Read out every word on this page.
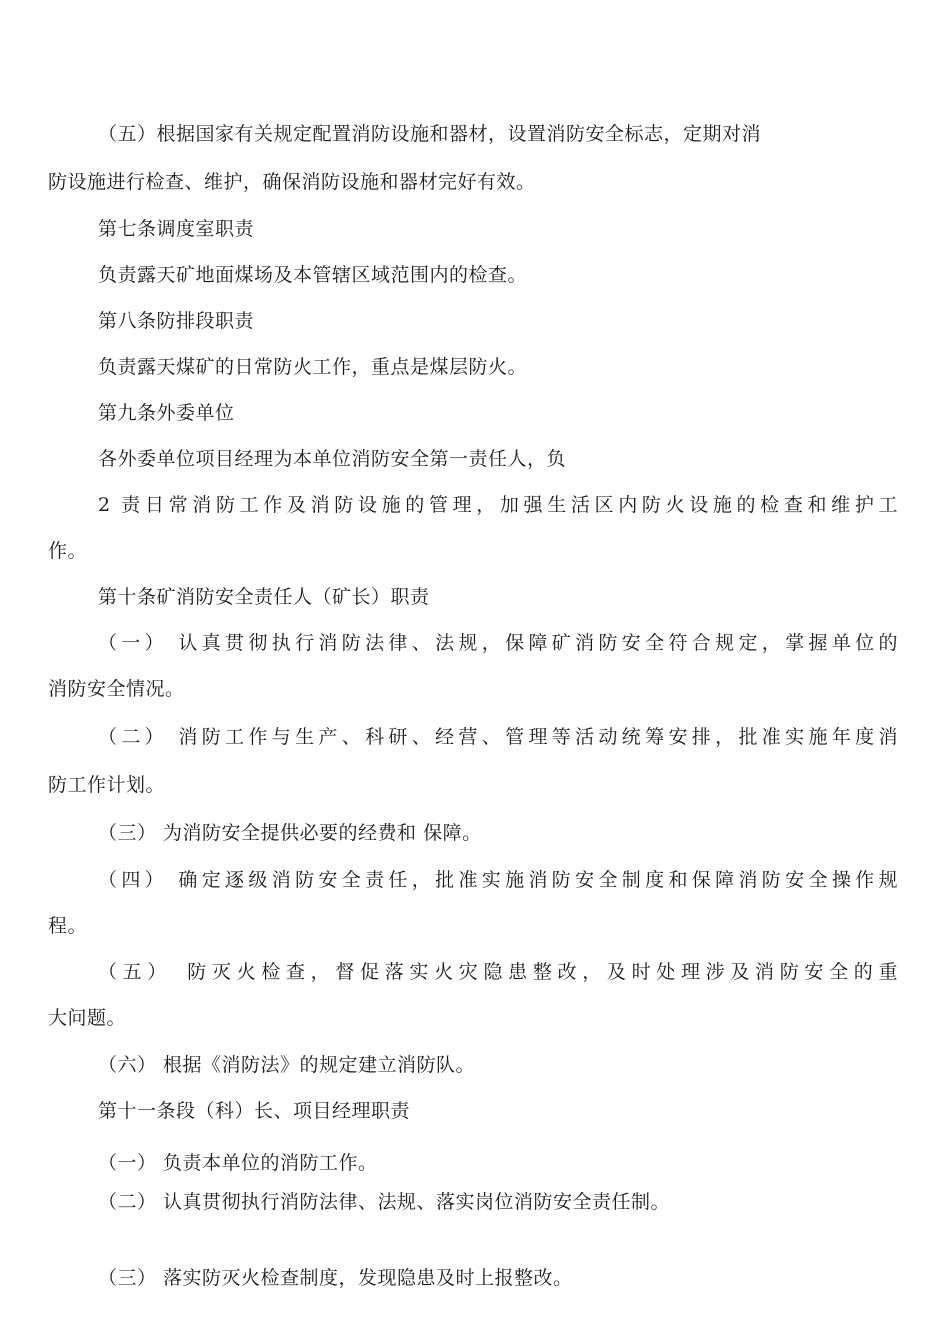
（五）根据国家有关规定配置消防设施和器材，设置消防安全标志，定期对消
防设施进行检查、维护，确保消防设施和器材完好有效。
第七条调度室职责
负责露天矿地面煤场及本管辖区域范围内的检查。
第八条防排段职责
负责露天煤矿的日常防火工作，重点是煤层防火。
第九条外委单位
各外委单位项目经理为本单位消防安全第一责任人，负
2 责日常消防工作及消防设施的管理，加强生活区内防火设施的检查和维护工
作。
第十条矿消防安全责任人（矿长）职责
（一） 认真贯彻执行消防法律、法规，保障矿消防安全符合规定，掌握单位的
消防安全情况。
（二） 消防工作与生产、科研、经营、管理等活动统筹安排，批准实施年度消
防工作计划。
（三） 为消防安全提供必要的经费和 保障。
（四） 确定逐级消防安全责任，批准实施消防安全制度和保障消防安全操作规
程。
（五）　防灭火检查，督促落实火灾隐患整改，及时处理涉及消防安全的重
大问题。
（六） 根据《消防法》的规定建立消防队。
第十一条段（科）长、项目经理职责
（一） 负责本单位的消防工作。
（二） 认真贯彻执行消防法律、法规、落实岗位消防安全责任制。
（三） 落实防灭火检查制度，发现隐患及时上报整改。
